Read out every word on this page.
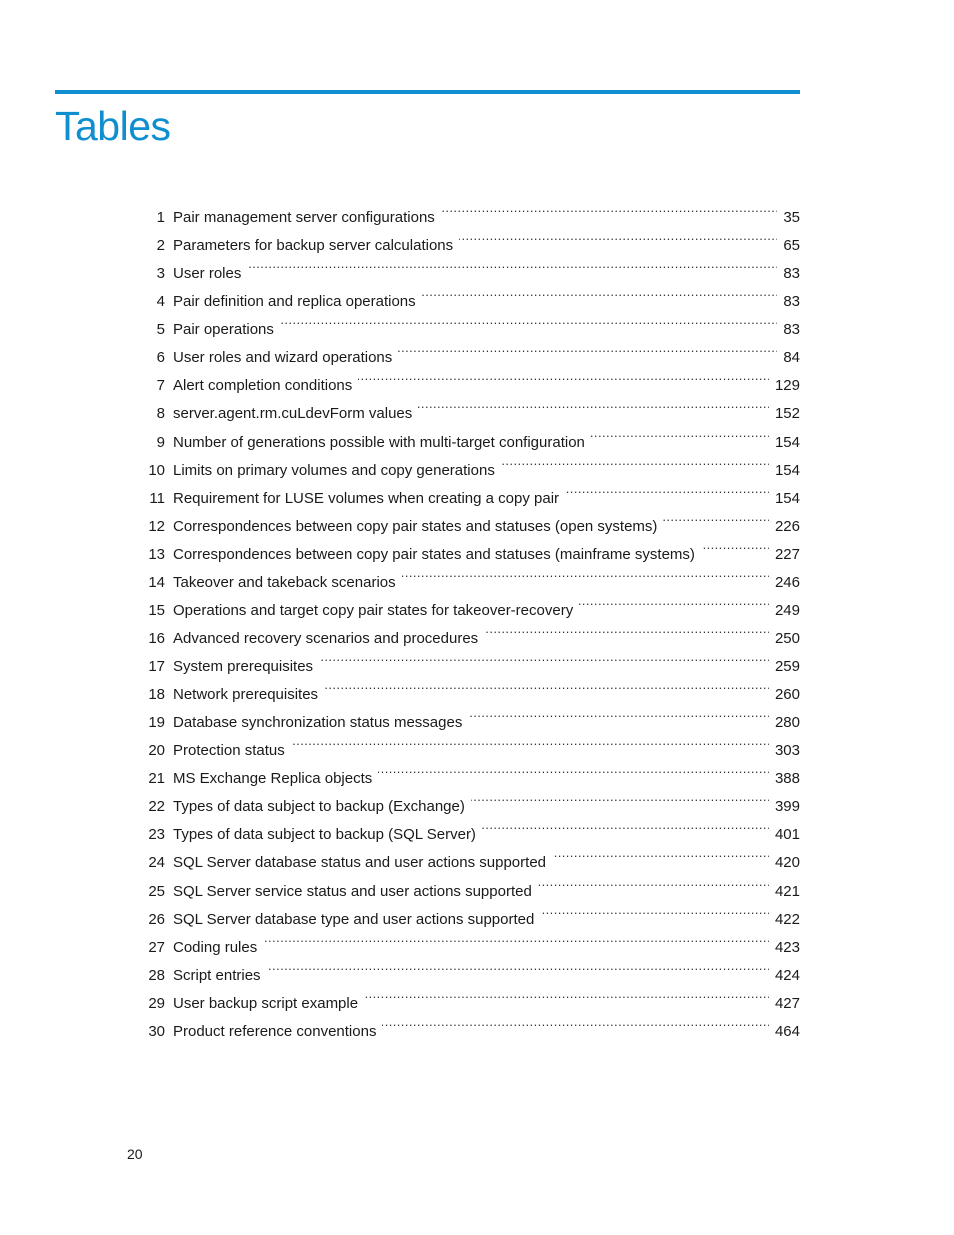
Tables
1 Pair management server configurations . . .	35
2 Parameters for backup server calculations . . .	65
3 User roles . . .	83
4 Pair definition and replica operations . . .	83
5 Pair operations . . .	83
6 User roles and wizard operations . . .	84
7 Alert completion conditions . . .	129
8 server.agent.rm.cuLdevForm values . . .	152
9 Number of generations possible with multi-target configuration . . .	154
10 Limits on primary volumes and copy generations . . .	154
11 Requirement for LUSE volumes when creating a copy pair . . .	154
12 Correspondences between copy pair states and statuses (open systems) . . .	226
13 Correspondences between copy pair states and statuses (mainframe systems) . . .	227
14 Takeover and takeback scenarios . . .	246
15 Operations and target copy pair states for takeover-recovery . . .	249
16 Advanced recovery scenarios and procedures . . .	250
17 System prerequisites . . .	259
18 Network prerequisites . . .	260
19 Database synchronization status messages . . .	280
20 Protection status . . .	303
21 MS Exchange Replica objects . . .	388
22 Types of data subject to backup (Exchange) . . .	399
23 Types of data subject to backup (SQL Server) . . .	401
24 SQL Server database status and user actions supported . . .	420
25 SQL Server service status and user actions supported . . .	421
26 SQL Server database type and user actions supported . . .	422
27 Coding rules . . .	423
28 Script entries . . .	424
29 User backup script example . . .	427
30 Product reference conventions . . .	464
20
